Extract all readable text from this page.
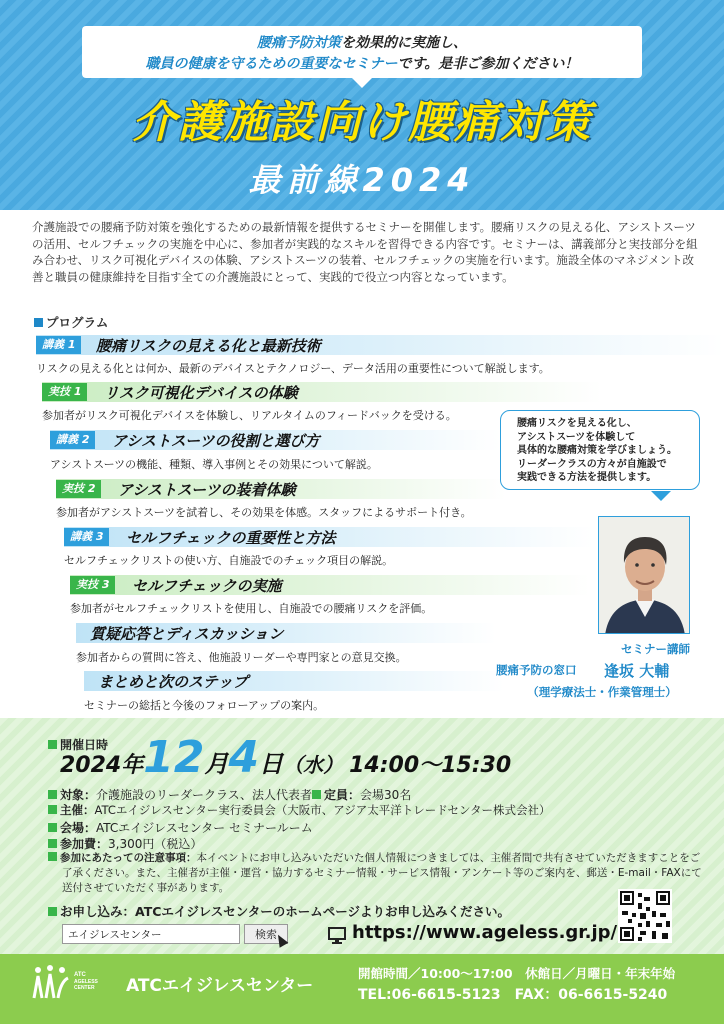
腰痛予防対策を効果的に実施し、
職員の健康を守るための重要なセミナーです。是非ご参加ください！
介護施設向け腰痛対策
最前線2024
介護施設での腰痛予防対策を強化するための最新情報を提供するセミナーを開催します。腰痛リスクの見える化、アシストスーツの活用、セルフチェックの実施を中心に、参加者が実践的なスキルを習得できる内容です。セミナーは、講義部分と実技部分を組み合わせ、リスク可視化デバイスの体験、アシストスーツの装着、セルフチェックの実施を行います。施設全体のマネジメント改善と職員の健康維持を目指す全ての介護施設にとって、実践的で役立つ内容となっています。
プログラム
講義 1	腰痛リスクの見える化と最新技術
リスクの見える化とは何か、最新のデバイスとテクノロジー、データ活用の重要性について解説します。
実技 1	リスク可視化デバイスの体験
参加者がリスク可視化デバイスを体験し、リアルタイムのフィードバックを受ける。
講義 2	アシストスーツの役割と選び方
アシストスーツの機能、種類、導入事例とその効果について解説。
実技 2	アシストスーツの装着体験
参加者がアシストスーツを試着し、その効果を体感。スタッフによるサポート付き。
講義 3	セルフチェックの重要性と方法
セルフチェックリストの使い方、自施設でのチェック項目の解説。
実技 3	セルフチェックの実施
参加者がセルフチェックリストを使用し、自施設での腰痛リスクを評価。
質疑応答とディスカッション
参加者からの質問に答え、他施設リーダーや専門家との意見交換。
まとめと次のステップ
セミナーの総括と今後のフォローアップの案内。
腰痛リスクを見える化し、
アシストスーツを体験して
具体的な腰痛対策を学びましょう。
リーダークラスの方々が自施設で
実践できる方法を提供します。
セミナー講師
腰痛予防の窓口 逢坂 大輔
（理学療法士・作業管理士）
開催日時
2024年12月4日（水） 14:00〜15:30
対象：介護施設のリーダークラス、法人代表者 定員：会場30名
主催：ATCエイジレスセンター実行委員会（大阪市、アジア太平洋トレードセンター株式会社）
会場：ATCエイジレスセンター セミナールーム
参加費：3,300円（税込）
参加にあたっての注意事項：本イベントにお申し込みいただいた個人情報につきましては、主催者間で共有させていただきますことをご了承ください。また、主催者が主催・運営・協力するセミナー情報・サービス情報・アンケート等のご案内を、郵送・E-mail・FAXにて送付させていただく事があります。
お申し込み：ATCエイジレスセンターのホームページよりお申し込みください。
エイジレスセンター
検索	https://www.ageless.gr.jp/
ATC
AGELESS
CENTER ATCエイジレスセンター
開館時間／10:00〜17:00　休館日／月曜日・年末年始
TEL:06-6615-5123　FAX：06-6615-5240
